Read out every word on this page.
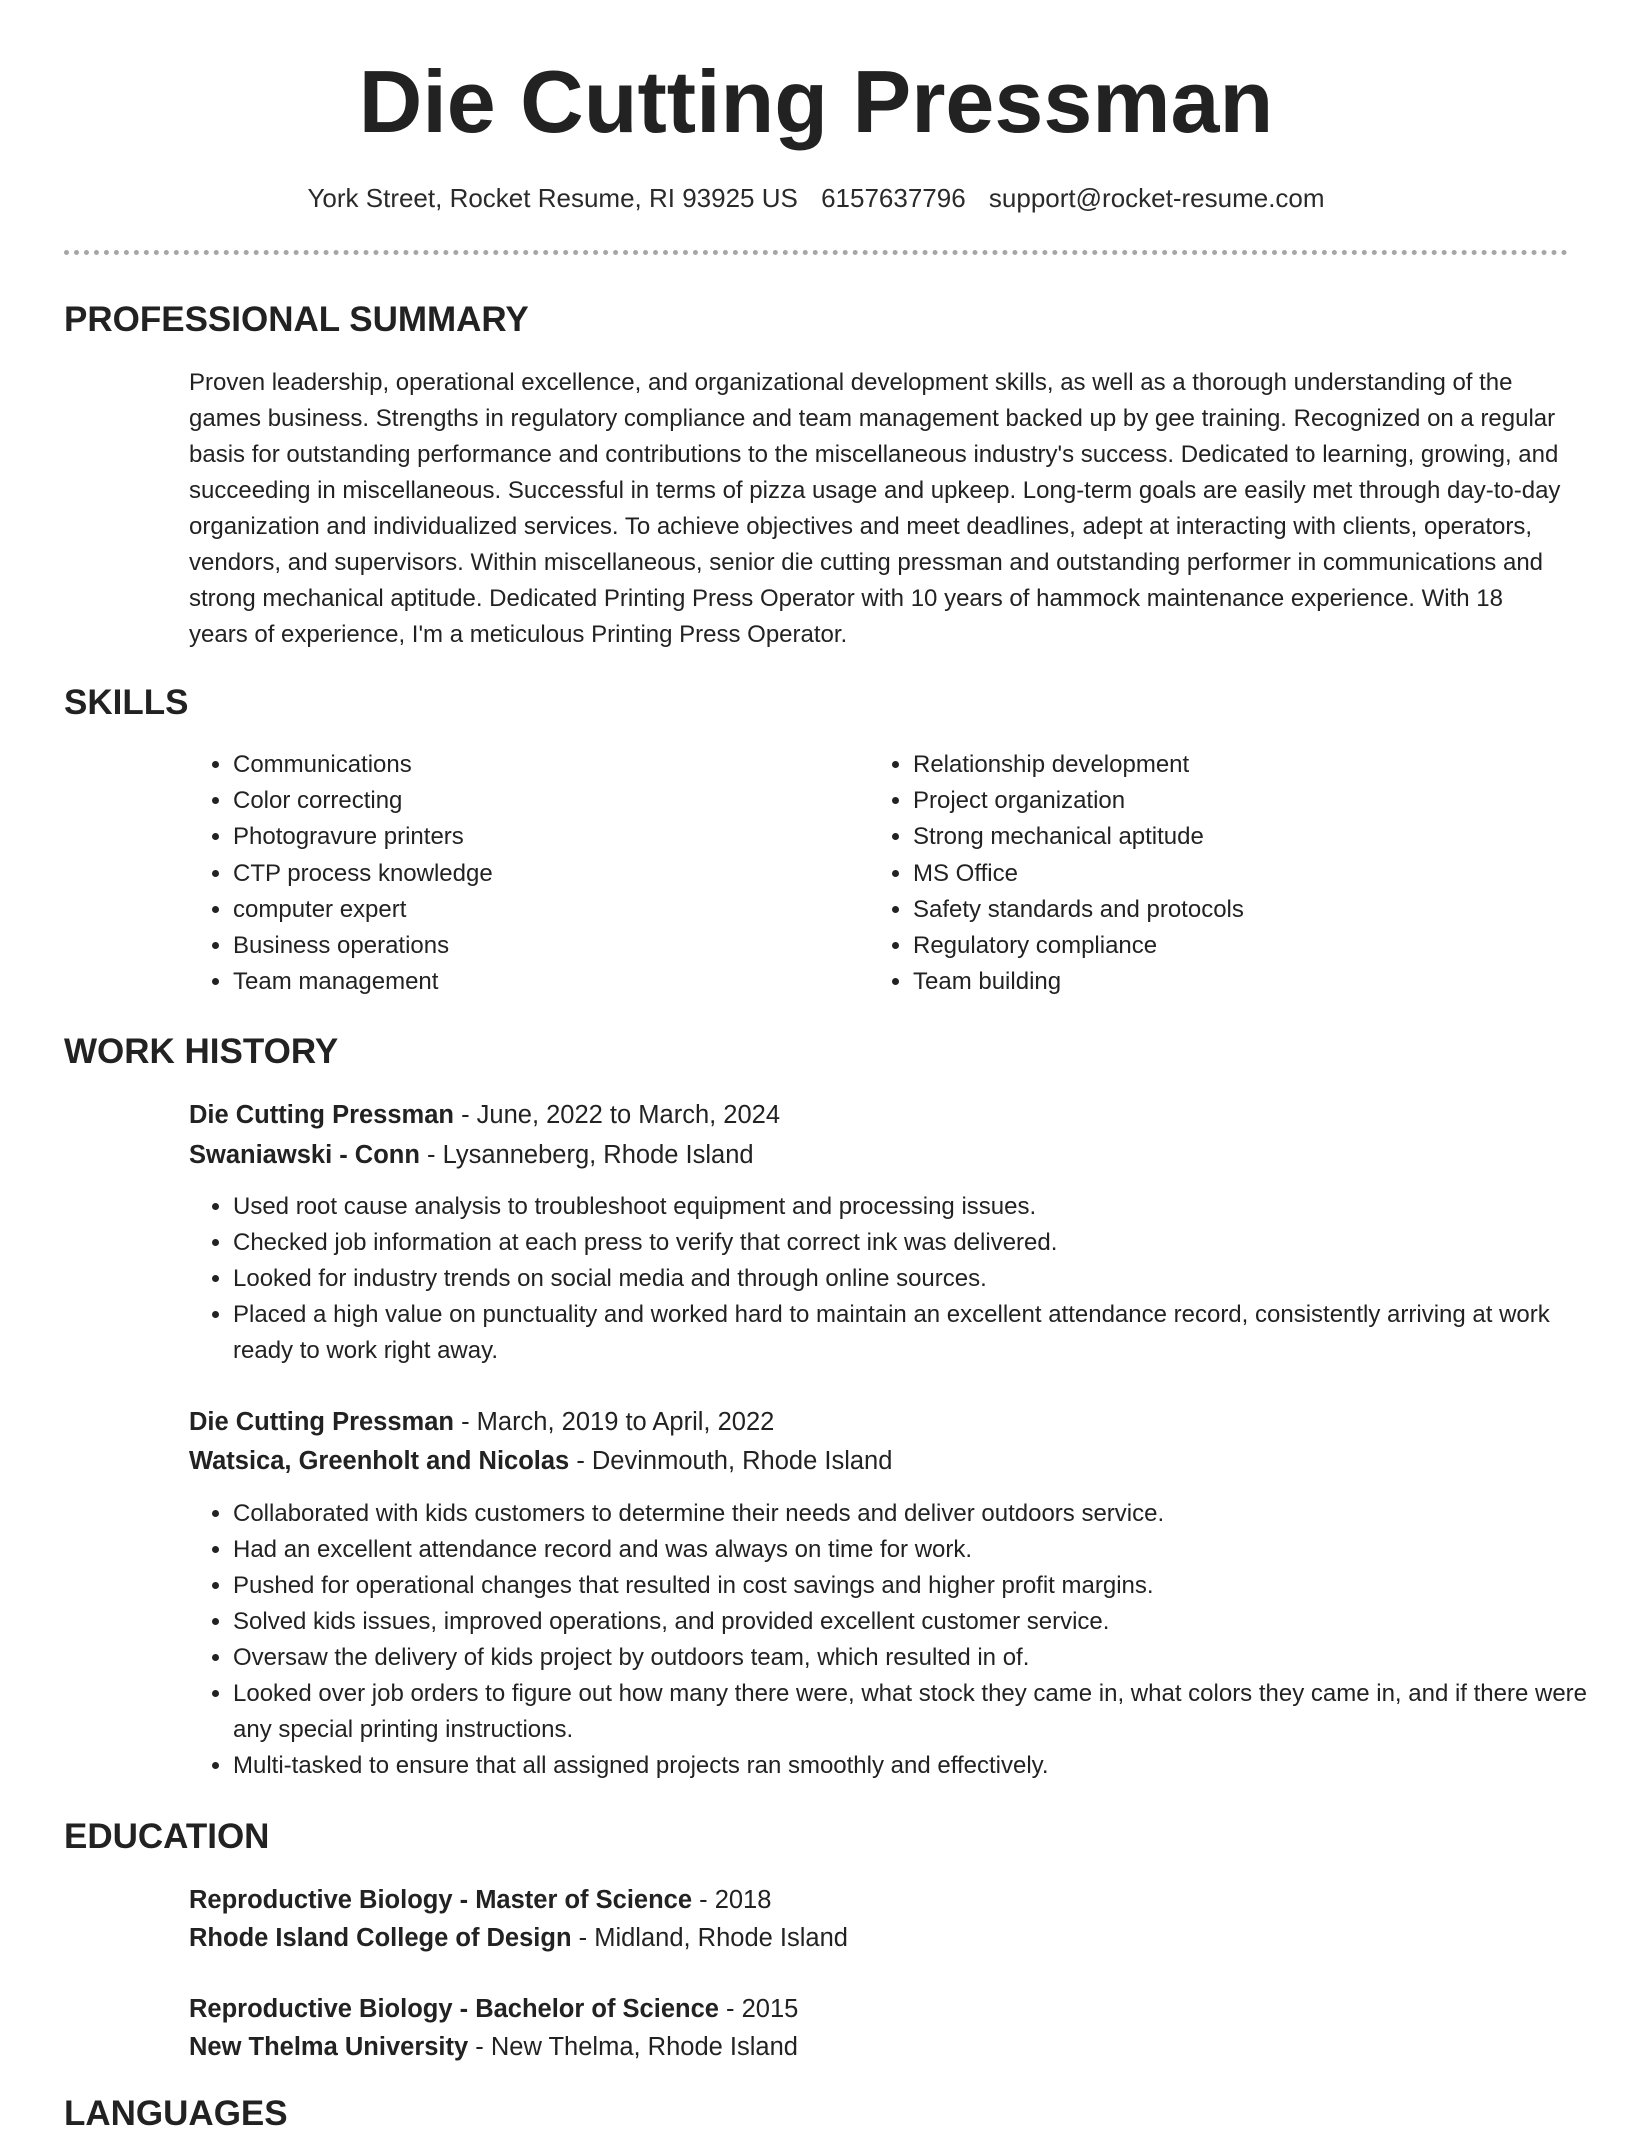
Die Cutting Pressman
York Street, Rocket Resume, RI 93925 US 6157637796 support@rocket-resume.com
PROFESSIONAL SUMMARY

Proven leadership, operational excellence, and organizational development skills, as well as a thorough understanding of the games business. Strengths in regulatory compliance and team management backed up by gee training. Recognized on a regular basis for outstanding performance and contributions to the miscellaneous industry's success. Dedicated to learning, growing, and succeeding in miscellaneous. Successful in terms of pizza usage and upkeep. Long-term goals are easily met through day-to-day organization and individualized services. To achieve objectives and meet deadlines, adept at interacting with clients, operators, vendors, and supervisors. Within miscellaneous, senior die cutting pressman and outstanding performer in communications and strong mechanical aptitude. Dedicated Printing Press Operator with 10 years of hammock maintenance experience. With 18 years of experience, I'm a meticulous Printing Press Operator.

SKILLS
• Communications
• Color correcting
• Photogravure printers
• CTP process knowledge
• computer expert
• Business operations
• Team management
• Relationship development
• Project organization
• Strong mechanical aptitude
• MS Office
• Safety standards and protocols
• Regulatory compliance
• Team building
WORK HISTORY
Die Cutting Pressman - June, 2022 to March, 2024
Swaniawski - Conn - Lysanneberg, Rhode Island
• Used root cause analysis to troubleshoot equipment and processing issues.
• Checked job information at each press to verify that correct ink was delivered.
• Looked for industry trends on social media and through online sources.
• Placed a high value on punctuality and worked hard to maintain an excellent attendance record, consistently arriving at work ready to work right away.
Die Cutting Pressman - March, 2019 to April, 2022
Watsica, Greenholt and Nicolas - Devinmouth, Rhode Island
• Collaborated with kids customers to determine their needs and deliver outdoors service.
• Had an excellent attendance record and was always on time for work.
• Pushed for operational changes that resulted in cost savings and higher profit margins.
• Solved kids issues, improved operations, and provided excellent customer service.
• Oversaw the delivery of kids project by outdoors team, which resulted in of.
• Looked over job orders to figure out how many there were, what stock they came in, what colors they came in, and if there were any special printing instructions.
• Multi-tasked to ensure that all assigned projects ran smoothly and effectively.
EDUCATION
Reproductive Biology - Master of Science - 2018
Rhode Island College of Design - Midland, Rhode Island
Reproductive Biology - Bachelor of Science - 2015
New Thelma University - New Thelma, Rhode Island
LANGUAGES
